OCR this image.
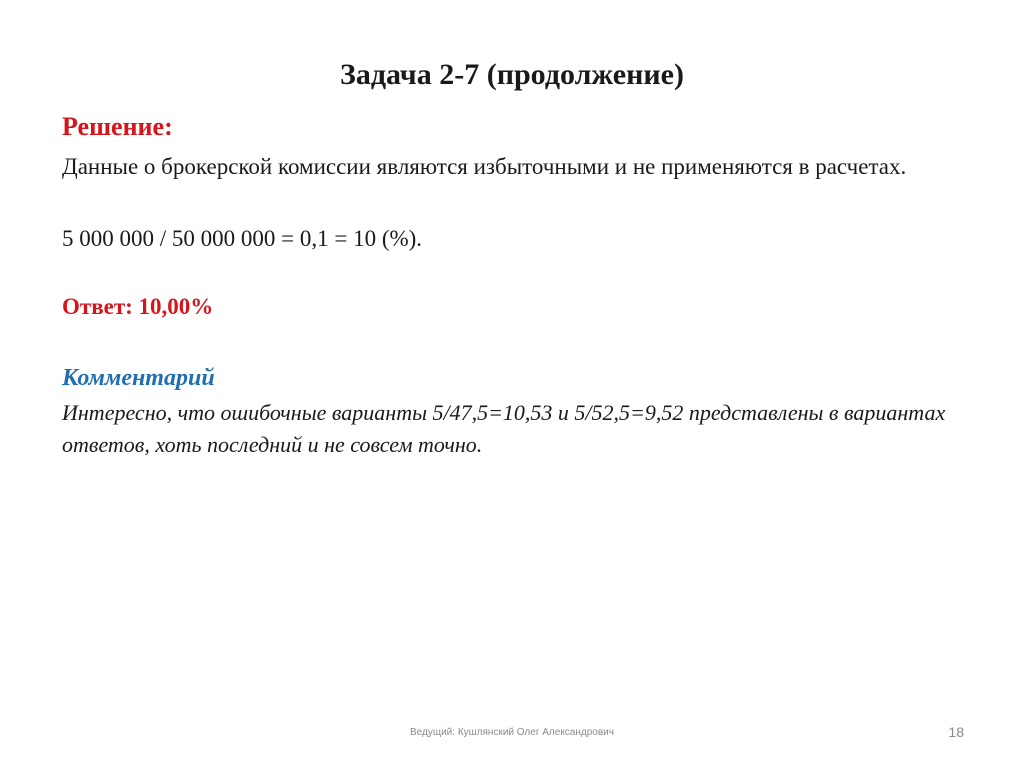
Задача 2-7 (продолжение)
Решение:
Данные о брокерской комиссии являются избыточными и не применяются в расчетах.
5 000 000 / 50 000 000 = 0,1 = 10 (%).
Ответ: 10,00%
Комментарий
Интересно, что ошибочные варианты 5/47,5=10,53 и 5/52,5=9,52 представлены в вариантах ответов, хоть последний и не совсем точно.
Ведущий: Кушлянский Олег Александрович	18
